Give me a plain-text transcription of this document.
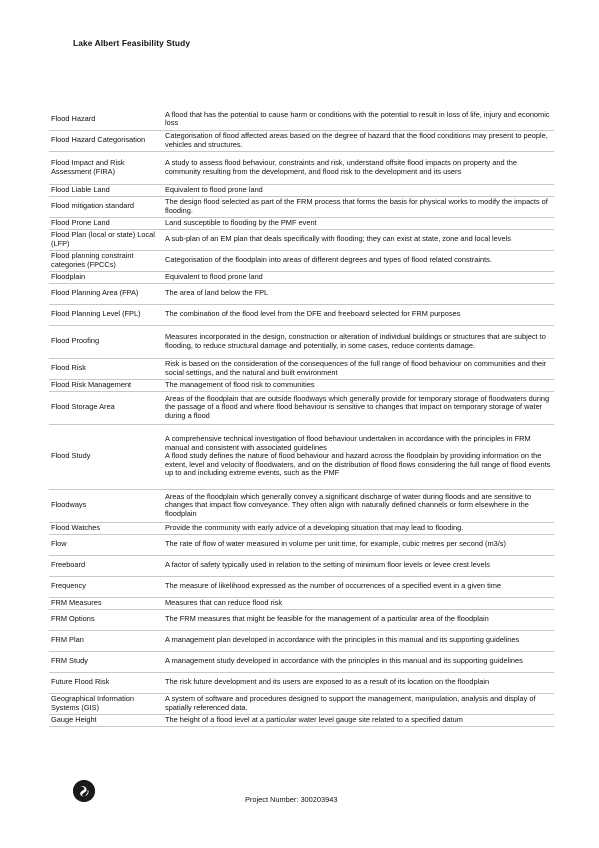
Lake Albert Feasibility Study
Flood Hazard	A flood that has the potential to cause harm or conditions with the potential to result in loss of life, injury and economic loss
Flood Hazard Categorisation	Categorisation of flood affected areas based on the degree of hazard that the flood conditions may present to people, vehicles and structures.
Flood Impact and Risk Assessment (FIRA)	A study to assess flood behaviour, constraints and risk, understand offsite flood impacts on property and the community resulting from the development, and flood risk to the development and its users
Flood Liable Land	Equivalent to flood prone land
Flood mitigation standard	The design flood selected as part of the FRM process that forms the basis for physical works to modify the impacts of flooding.
Flood Prone Land	Land susceptible to flooding by the PMF event
Flood Plan (local or state) Local (LFP)	A sub-plan of an EM plan that deals specifically with flooding; they can exist at state, zone and local levels
Flood planning constraint categories (FPCCs)	Categorisation of the floodplain into areas of different degrees and types of flood related constraints.
Floodplain	Equivalent to flood prone land
Flood Planning Area (FPA)	The area of land below the FPL
Flood Planning Level (FPL)	The combination of the flood level from the DFE and freeboard selected for FRM purposes
Flood Proofing	Measures incorporated in the design, construction or alteration of individual buildings or structures that are subject to flooding, to reduce structural damage and potentially, in some cases, reduce contents damage.
Flood Risk	Risk is based on the consideration of the consequences of the full range of flood behaviour on communities and their social settings, and the natural and built environment
Flood Risk Management	The management of flood risk to communities
Flood Storage Area	Areas of the floodplain that are outside floodways which generally provide for temporary storage of floodwaters during the passage of a flood and where flood behaviour is sensitive to changes that impact on temporary storage of water during a flood
Flood Study	A comprehensive technical investigation of flood behaviour undertaken in accordance with the principles in FRM manual and consistent with associated guidelines
A flood study defines the nature of flood behaviour and hazard across the floodplain by providing information on the extent, level and velocity of floodwaters, and on the distribution of flood flows considering the full range of flood events up to and including extreme events, such as the PMF
Floodways	Areas of the floodplain which generally convey a significant discharge of water during floods and are sensitive to changes that impact flow conveyance. They often align with naturally defined channels or form elsewhere in the floodplain
Flood Watches	Provide the community with early advice of a developing situation that may lead to flooding.
Flow	The rate of flow of water measured in volume per unit time, for example, cubic metres per second (m3/s)
Freeboard	A factor of safety typically used in relation to the setting of minimum floor levels or levee crest levels
Frequency	The measure of likelihood expressed as the number of occurrences of a specified event in a given time
FRM Measures	Measures that can reduce flood risk
FRM Options	The FRM measures that might be feasible for the management of a particular area of the floodplain
FRM Plan	A management plan developed in accordance with the principles in this manual and its supporting guidelines
FRM Study	A management study developed in accordance with the principles in this manual and its supporting guidelines
Future Flood Risk	The risk future development and its users are exposed to as a result of its location on the floodplain
Geographical Information Systems (GIS)	A system of software and procedures designed to support the management, manipulation, analysis and display of spatially referenced data.
Gauge Height	The height of a flood level at a particular water level gauge site related to a specified datum
Project Number: 300203943
